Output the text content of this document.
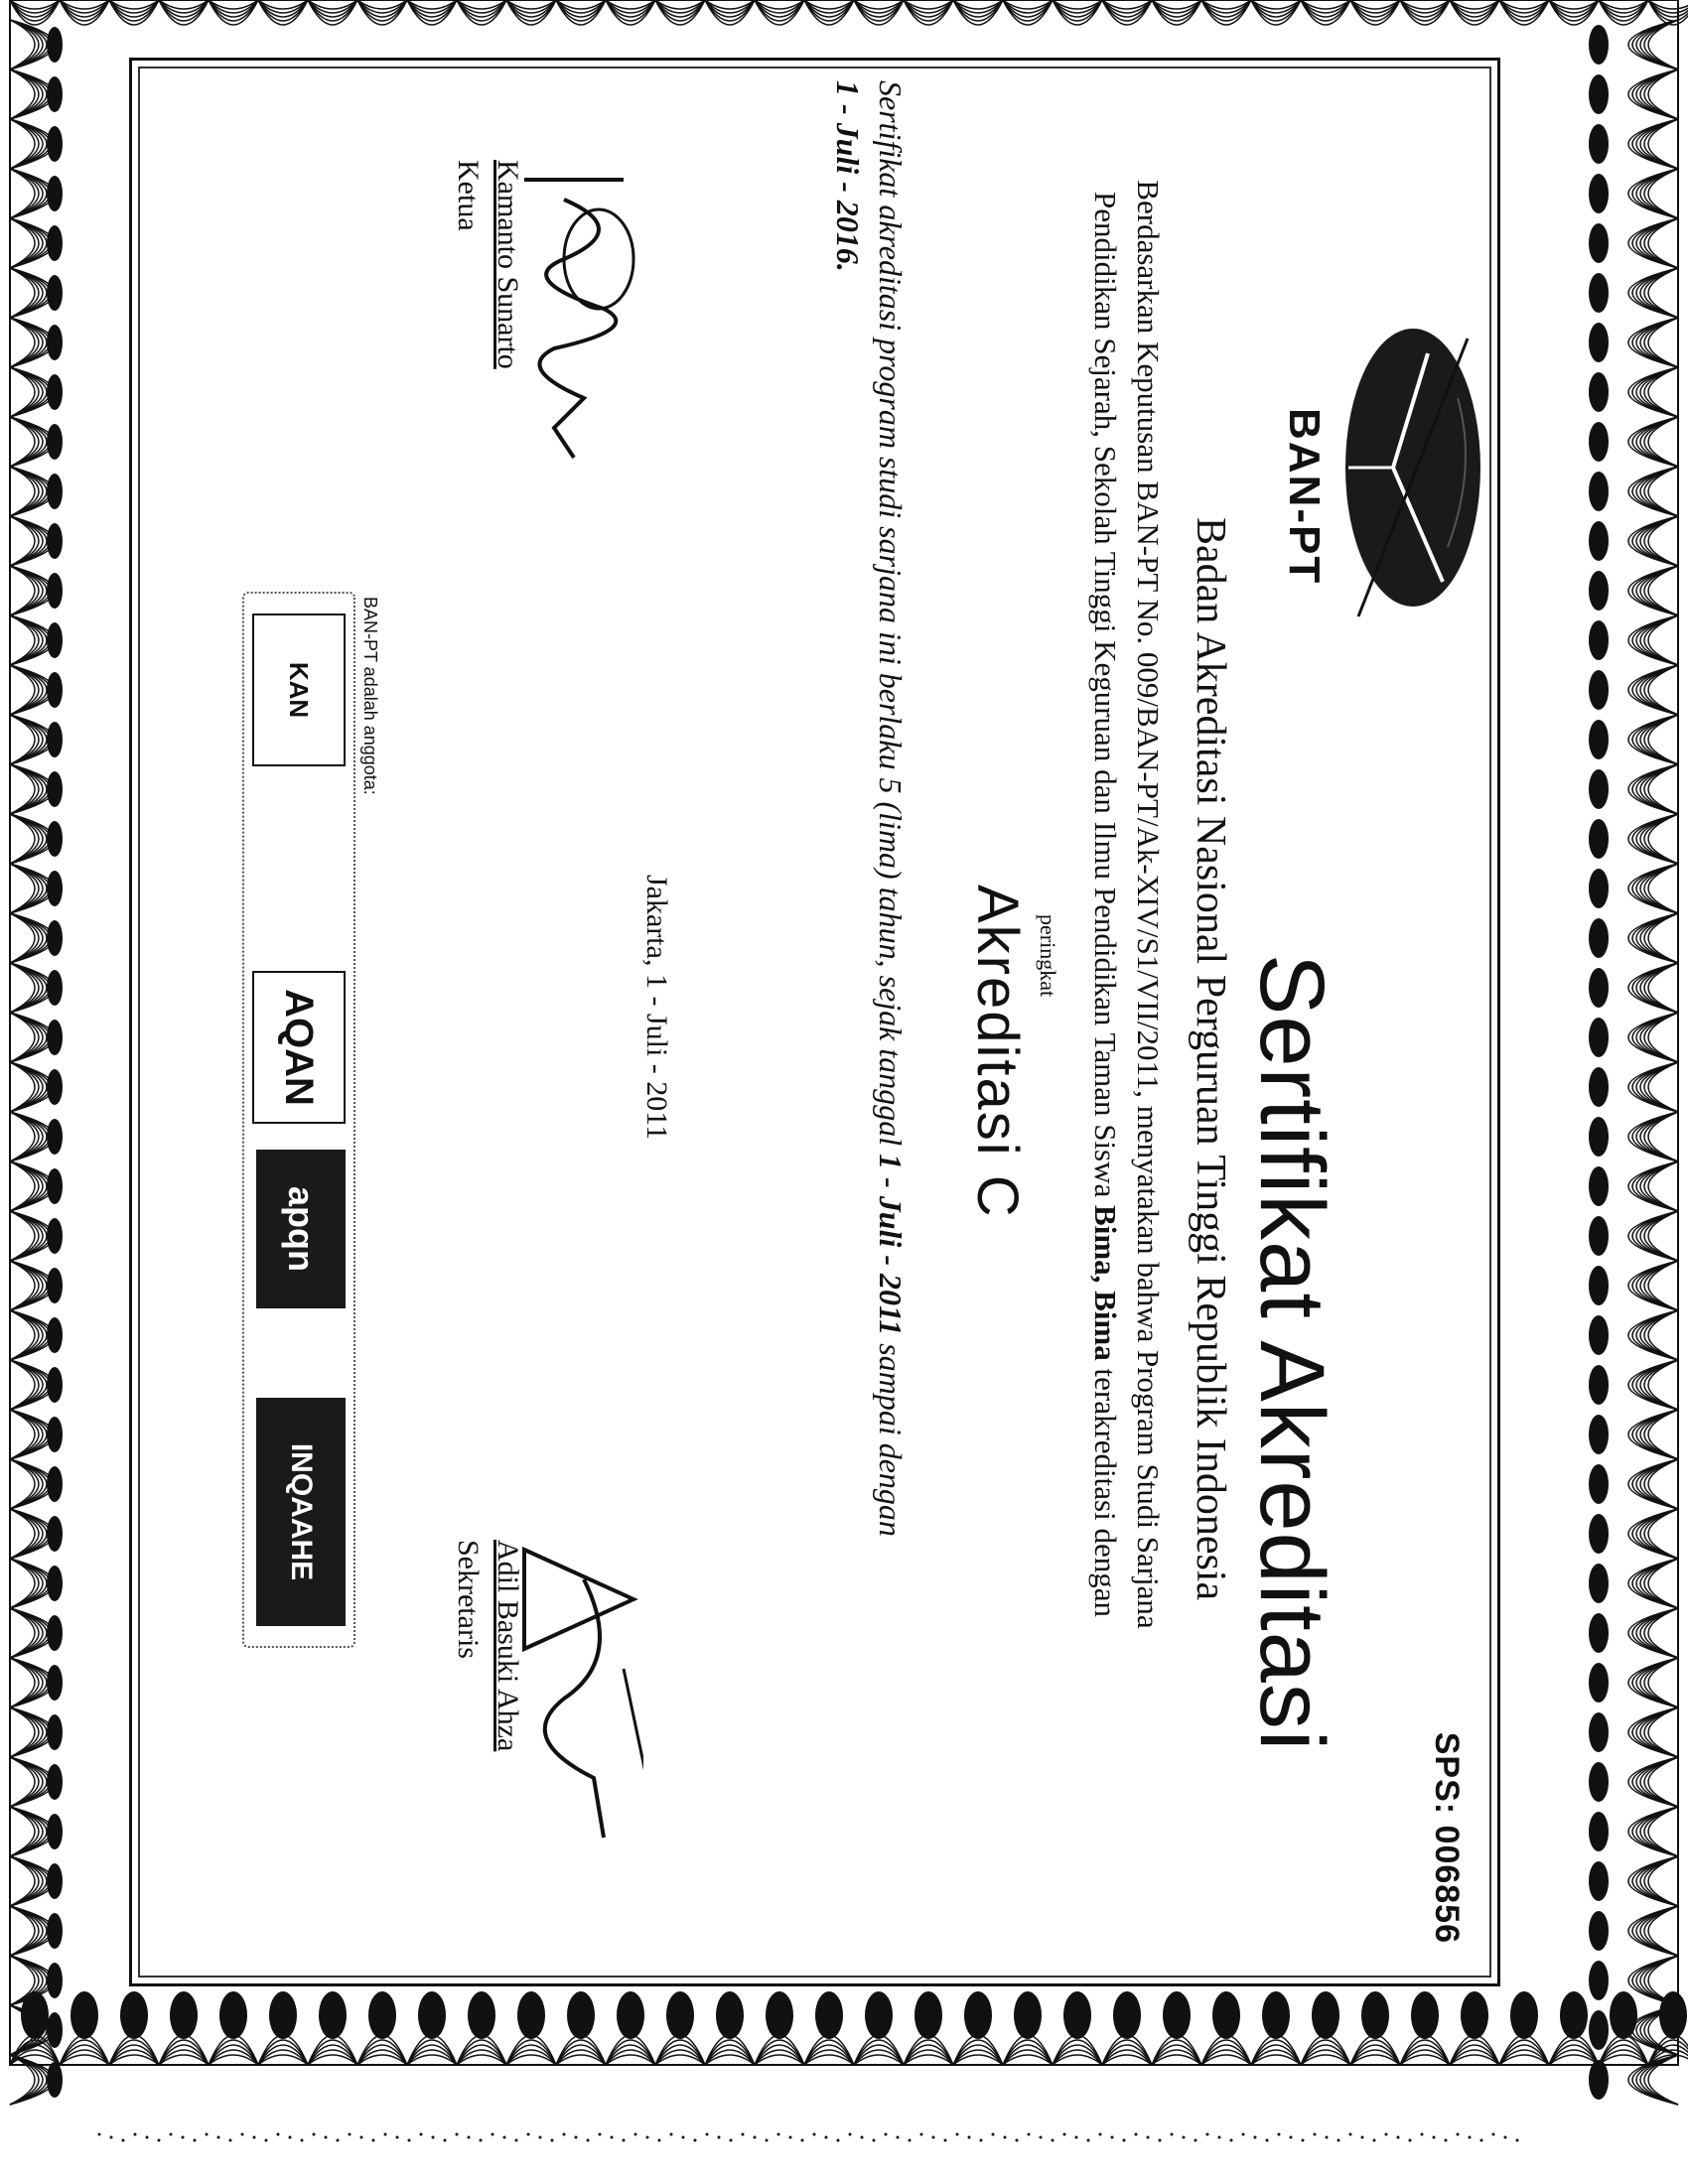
SPS: 006856
BAN-PT
Sertifikat Akreditasi
Badan Akreditasi Nasional Perguruan Tinggi Republik Indonesia
Berdasarkan Keputusan BAN-PT No. 009/BAN-PT/Ak-XIV/S1/VII/2011, menyatakan bahwa Program Studi Sarjana
Pendidikan Sejarah, Sekolah Tinggi Keguruan dan Ilmu Pendidikan Taman Siswa Bima, Bima terakreditasi dengan
peringkat
Akreditasi C
Sertifikat akreditasi program studi sarjana ini berlaku 5 (lima) tahun, sejak tanggal 1 - Juli - 2011 sampai dengan
1 - Juli - 2016.
Jakarta, 1 - Juli - 2011
Kamanto Sunarto
Ketua
Adil Basuki Ahza
Sekretaris
BAN-PT adalah anggota:
INQAAHE
apqn
AQAN
KAN
